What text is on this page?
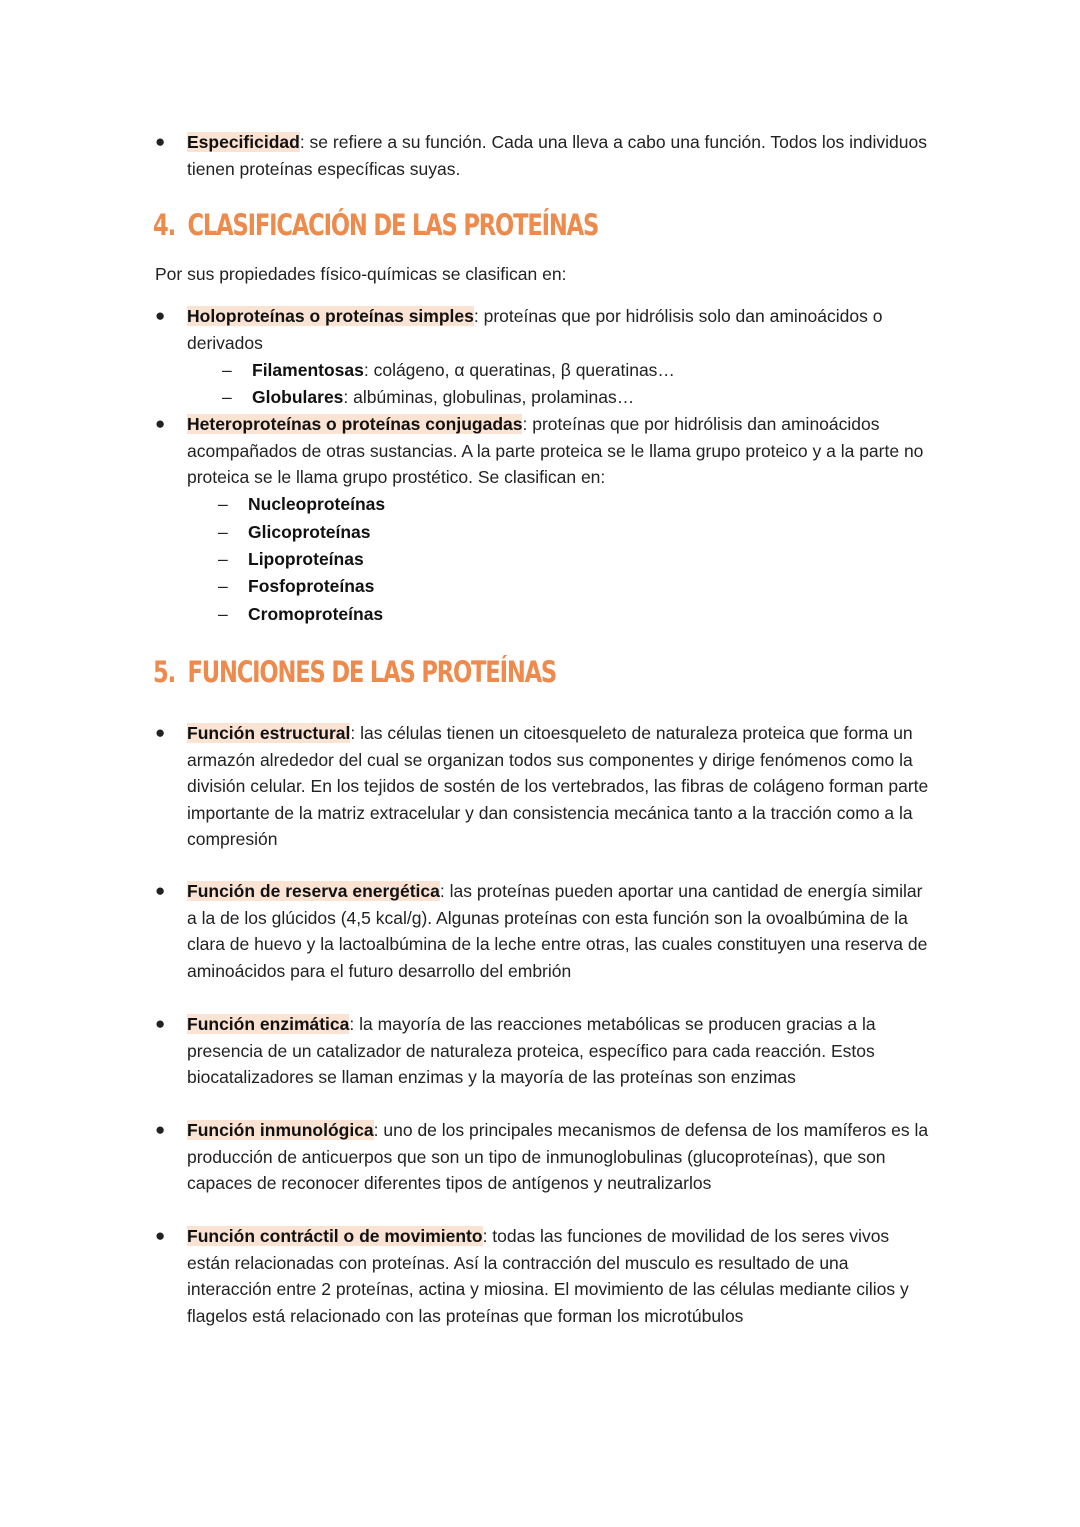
●	Especificidad: se refiere a su función. Cada una lleva a cabo una función. Todos los individuos tienen proteínas específicas suyas.
4. CLASIFICACIÓN DE LAS PROTEÍNAS
Por sus propiedades físico-químicas se clasifican en:
●	Holoproteínas o proteínas simples: proteínas que por hidrólisis solo dan aminoácidos o derivados
– Filamentosas: colágeno, α queratinas, β queratinas…
– Globulares: albúminas, globulinas, prolaminas…
●	Heteroproteínas o proteínas conjugadas: proteínas que por hidrólisis dan aminoácidos acompañados de otras sustancias. A la parte proteica se le llama grupo proteico y a la parte no proteica se le llama grupo prostético. Se clasifican en:
– Nucleoproteínas
– Glicoproteínas
– Lipoproteínas
– Fosfoproteínas
– Cromoproteínas
5. FUNCIONES DE LAS PROTEÍNAS
●	Función estructural: las células tienen un citoesqueleto de naturaleza proteica que forma un armazón alrededor del cual se organizan todos sus componentes y dirige fenómenos como la división celular. En los tejidos de sostén de los vertebrados, las fibras de colágeno forman parte importante de la matriz extracelular y dan consistencia mecánica tanto a la tracción como a la compresión
●	Función de reserva energética: las proteínas pueden aportar una cantidad de energía similar a la de los glúcidos (4,5 kcal/g). Algunas proteínas con esta función son la ovoalbúmina de la clara de huevo y la lactoalbúmina de la leche entre otras, las cuales constituyen una reserva de aminoácidos para el futuro desarrollo del embrión
●	Función enzimática: la mayoría de las reacciones metabólicas se producen gracias a la presencia de un catalizador de naturaleza proteica, específico para cada reacción. Estos biocatalizadores se llaman enzimas y la mayoría de las proteínas son enzimas
●	Función inmunológica: uno de los principales mecanismos de defensa de los mamíferos es la producción de anticuerpos que son un tipo de inmunoglobulinas (glucoproteínas), que son capaces de reconocer diferentes tipos de antígenos y neutralizarlos
●	Función contráctil o de movimiento: todas las funciones de movilidad de los seres vivos están relacionadas con proteínas. Así la contracción del musculo es resultado de una interacción entre 2 proteínas, actina y miosina. El movimiento de las células mediante cilios y flagelos está relacionado con las proteínas que forman los microtúbulos
